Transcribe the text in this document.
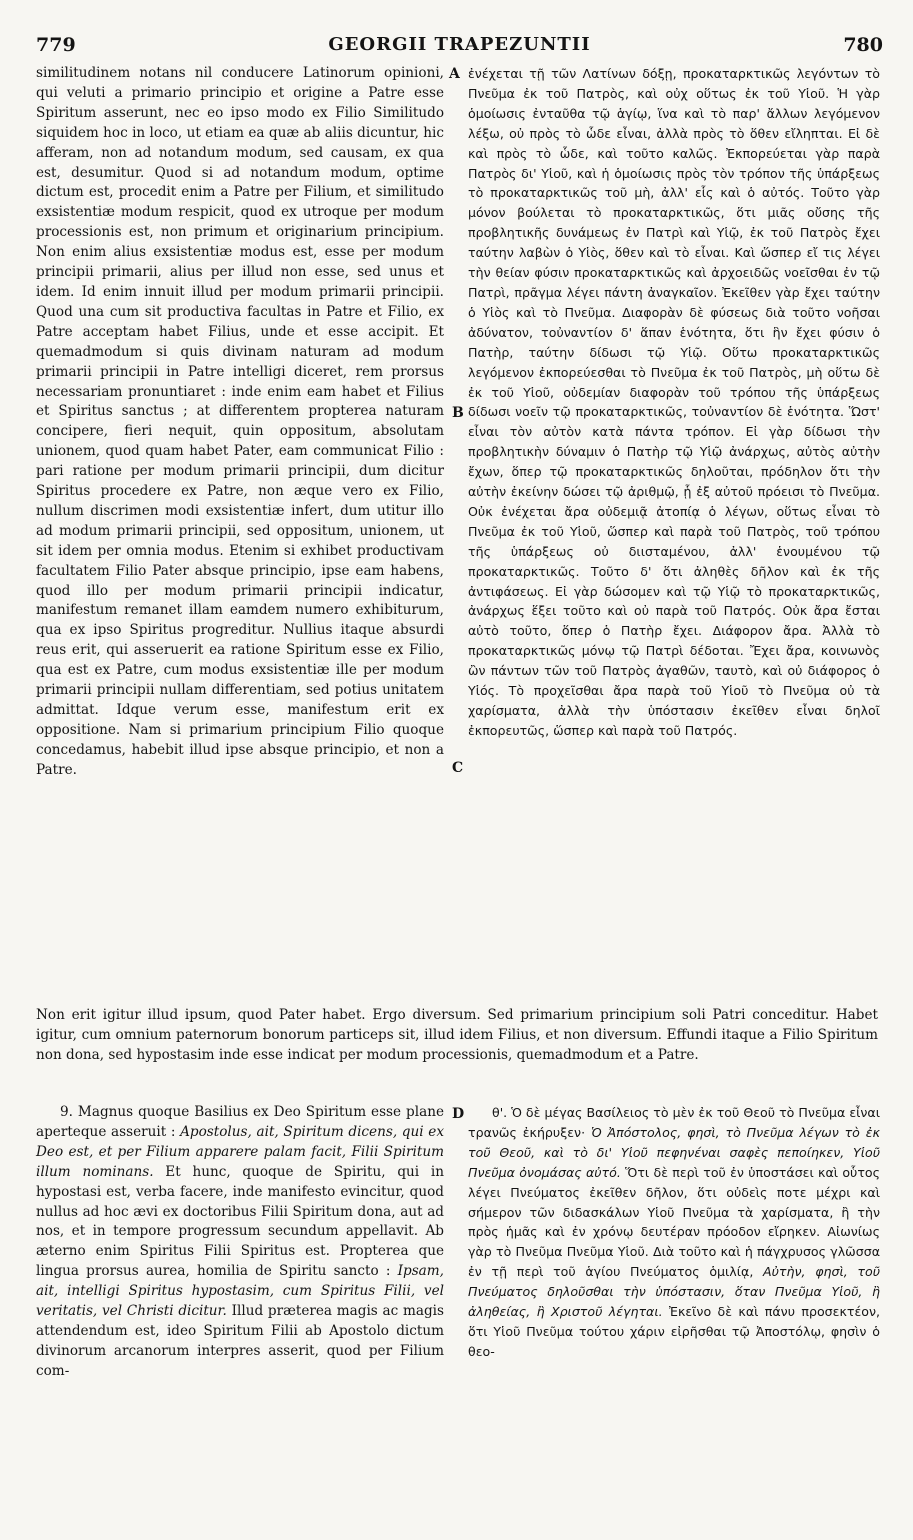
779	GEORGII TRAPEZUNTII	780
A
B
C
D

similitudinem notans nil conducere Latinorum opinioni, qui veluti a primario principio et origine a Patre esse Spiritum asserunt, nec eo ipso modo ex Filio Similitudo siquidem hoc in loco, ut etiam ea quæ ab aliis dicuntur, hic afferam, non ad notandum modum, sed causam, ex qua est, desumitur. Quod si ad notandum modum, optime dictum est, procedit enim a Patre per Filium, et similitudo exsistentiæ modum respicit, quod ex utroque per modum processionis est, non primum et originarium principium. Non enim alius exsistentiæ modus est, esse per modum principii primarii, alius per illud non esse, sed unus et idem. Id enim innuit illud per modum primarii principii. Quod una cum sit productiva facultas in Patre et Filio, ex Patre acceptam habet Filius, unde et esse accipit. Et quemadmodum si quis divinam naturam ad modum primarii principii in Patre intelligi diceret, rem prorsus necessariam pronuntiaret : inde enim eam habet et Filius et Spiritus sanctus ; at differentem propterea naturam concipere, fieri nequit, quin oppositum, absolutam unionem, quod quam habet Pater, eam communicat Filio : pari ratione per modum primarii principii, dum dicitur Spiritus procedere ex Patre, non æque vero ex Filio, nullum discrimen modi exsistentiæ infert, dum utitur illo ad modum primarii principii, sed oppositum, unionem, ut sit idem per omnia modus. Etenim si exhibet productivam facultatem Filio Pater absque principio, ipse eam habens, quod illo per modum primarii principii indicatur, manifestum remanet illam eamdem numero exhibiturum, qua ex ipso Spiritus progreditur. Nullius itaque absurdi reus erit, qui asseruerit ea ratione Spiritum esse ex Filio, qua est ex Patre, cum modus exsistentiæ ille per modum primarii principii nullam differentiam, sed potius unitatem admittat. Idque verum esse, manifestum erit ex oppositione. Nam si primarium principium Filio quoque concedamus, habebit illud ipse absque principio, et non a Patre.

ἐνέχεται τῇ τῶν Λατίνων δόξῃ, προκαταρκτικῶς λεγόντων τὸ Πνεῦμα ἐκ τοῦ Πατρὸς, καὶ οὐχ οὕτως ἐκ τοῦ Υἱοῦ. Ἡ γὰρ ὁμοίωσις ἐνταῦθα τῷ ἁγίῳ, ἵνα καὶ τὸ παρ' ἄλλων λεγόμενον λέξω, οὐ πρὸς τὸ ὧδε εἶναι, ἀλλὰ πρὸς τὸ ὅθεν εἴληπται. Εἰ δὲ καὶ πρὸς τὸ ὧδε, καὶ τοῦτο καλῶς. Ἐκπορεύεται γὰρ παρὰ Πατρὸς δι' Υἱοῦ, καὶ ἡ ὁμοίωσις πρὸς τὸν τρόπον τῆς ὑπάρξεως τὸ προκαταρκτικῶς τοῦ μὴ, ἀλλ' εἷς καὶ ὁ αὐτός. Τοῦτο γὰρ μόνον βούλεται τὸ προκαταρκτικῶς, ὅτι μιᾶς οὔσης τῆς προβλητικῆς δυνάμεως ἐν Πατρὶ καὶ Υἱῷ, ἐκ τοῦ Πατρὸς ἔχει ταύτην λαβὼν ὁ Υἱὸς, ὅθεν καὶ τὸ εἶναι. Καὶ ὥσπερ εἴ τις λέγει τὴν θείαν φύσιν προκαταρκτικῶς καὶ ἀρχοειδῶς νοεῖσθαι ἐν τῷ Πατρὶ, πρᾶγμα λέγει πάντη ἀναγκαῖον. Ἐκεῖθεν γὰρ ἔχει ταύτην ὁ Υἱὸς καὶ τὸ Πνεῦμα. Διαφορὰν δὲ φύσεως διὰ τοῦτο νοῆσαι ἀδύνατον, τοὐναντίον δ' ἅπαν ἑνότητα, ὅτι ἣν ἔχει φύσιν ὁ Πατὴρ, ταύτην δίδωσι τῷ Υἱῷ. Οὕτω προκαταρκτικῶς λεγόμενον ἐκπορεύεσθαι τὸ Πνεῦμα ἐκ τοῦ Πατρὸς, μὴ οὕτω δὲ ἐκ τοῦ Υἱοῦ, οὐδεμίαν διαφορὰν τοῦ τρόπου τῆς ὑπάρξεως δίδωσι νοεῖν τῷ προκαταρκτικῶς, τοὐναντίον δὲ ἑνότητα. Ὥστ' εἶναι τὸν αὐτὸν κατὰ πάντα τρόπον. Εἰ γὰρ δίδωσι τὴν προβλητικὴν δύναμιν ὁ Πατὴρ τῷ Υἱῷ ἀνάρχως, αὐτὸς αὐτὴν ἔχων, ὅπερ τῷ προκαταρκτικῶς δηλοῦται, πρόδηλον ὅτι τὴν αὐτὴν ἐκείνην δώσει τῷ ἀριθμῷ, ᾗ ἐξ αὐτοῦ πρόεισι τὸ Πνεῦμα. Οὐκ ἐνέχεται ἄρα οὐδεμιᾷ ἀτοπίᾳ ὁ λέγων, οὕτως εἶναι τὸ Πνεῦμα ἐκ τοῦ Υἱοῦ, ὥσπερ καὶ παρὰ τοῦ Πατρὸς, τοῦ τρόπου τῆς ὑπάρξεως οὐ διισταμένου, ἀλλ' ἑνουμένου τῷ προκαταρκτικῶς. Τοῦτο δ' ὅτι ἀληθὲς δῆλον καὶ ἐκ τῆς ἀντιφάσεως. Εἰ γὰρ δώσομεν καὶ τῷ Υἱῷ τὸ προκαταρκτικῶς, ἀνάρχως ἕξει τοῦτο καὶ οὐ παρὰ τοῦ Πατρός. Οὐκ ἄρα ἔσται αὐτὸ τοῦτο, ὅπερ ὁ Πατὴρ ἔχει. Διάφορον ἄρα. Ἀλλὰ τὸ προκαταρκτικῶς μόνῳ τῷ Πατρὶ δέδοται. Ἔχει ἄρα, κοινωνὸς ὢν πάντων τῶν τοῦ Πατρὸς ἀγαθῶν, ταυτὸ, καὶ οὐ διάφορος ὁ Υἱός. Τὸ προχεῖσθαι ἄρα παρὰ τοῦ Υἱοῦ τὸ Πνεῦμα οὐ τὰ χαρίσματα, ἀλλὰ τὴν ὑπόστασιν ἐκεῖθεν εἶναι δηλοῖ ἐκπορευτῶς, ὥσπερ καὶ παρὰ τοῦ Πατρός.

Non erit igitur illud ipsum, quod Pater habet. Ergo diversum. Sed primarium principium soli Patri conceditur. Habet igitur, cum omnium paternorum bonorum particeps sit, illud idem Filius, et non diversum. Effundi itaque a Filio Spiritum non dona, sed hypostasim inde esse indicat per modum processionis, quemadmodum et a Patre.

9. Magnus quoque Basilius ex Deo Spiritum esse plane aperteque asseruit : Apostolus, ait, Spiritum dicens, qui ex Deo est, et per Filium apparere palam facit, Filii Spiritum illum nominans. Et hunc, quoque de Spiritu, qui in hypostasi est, verba facere, inde manifesto evincitur, quod nullus ad hoc ævi ex doctoribus Filii Spiritum dona, aut ad nos, et in tempore progressum secundum appellavit. Ab æterno enim Spiritus Filii Spiritus est. Propterea que lingua prorsus aurea, homilia de Spiritu sancto : Ipsam, ait, intelligi Spiritus hypostasim, cum Spiritus Filii, vel veritatis, vel Christi dicitur. Illud præterea magis ac magis attendendum est, ideo Spiritum Filii ab Apostolo dictum divinorum arcanorum interpres asserit, quod per Filium com-

θ'. Ὁ δὲ μέγας Βασίλειος τὸ μὲν ἐκ τοῦ Θεοῦ τὸ Πνεῦμα εἶναι τρανῶς ἐκήρυξεν· Ὁ Ἀπόστολος, φησὶ, τὸ Πνεῦμα λέγων τὸ ἐκ τοῦ Θεοῦ, καὶ τὸ δι' Υἱοῦ πεφηνέναι σαφὲς πεποίηκεν, Υἱοῦ Πνεῦμα ὀνομάσας αὐτό. Ὅτι δὲ περὶ τοῦ ἐν ὑποστάσει καὶ οὗτος λέγει Πνεύματος ἐκεῖθεν δῆλον, ὅτι οὐδεὶς ποτε μέχρι καὶ σήμερον τῶν διδασκάλων Υἱοῦ Πνεῦμα τὰ χαρίσματα, ἢ τὴν πρὸς ἡμᾶς καὶ ἐν χρόνῳ δευτέραν πρόοδον εἴρηκεν. Αἰωνίως γὰρ τὸ Πνεῦμα Πνεῦμα Υἱοῦ. Διὰ τοῦτο καὶ ἡ πάγχρυσος γλῶσσα ἐν τῇ περὶ τοῦ ἁγίου Πνεύματος ὁμιλίᾳ, Αὐτὴν, φησὶ, τοῦ Πνεύματος δηλοῦσθαι τὴν ὑπόστασιν, ὅταν Πνεῦμα Υἱοῦ, ἢ ἀληθείας, ἢ Χριστοῦ λέγηται. Ἐκεῖνο δὲ καὶ πάνυ προσεκτέον, ὅτι Υἱοῦ Πνεῦμα τούτου χάριν εἰρῆσθαι τῷ Ἀποστόλῳ, φησὶν ὁ θεο-
